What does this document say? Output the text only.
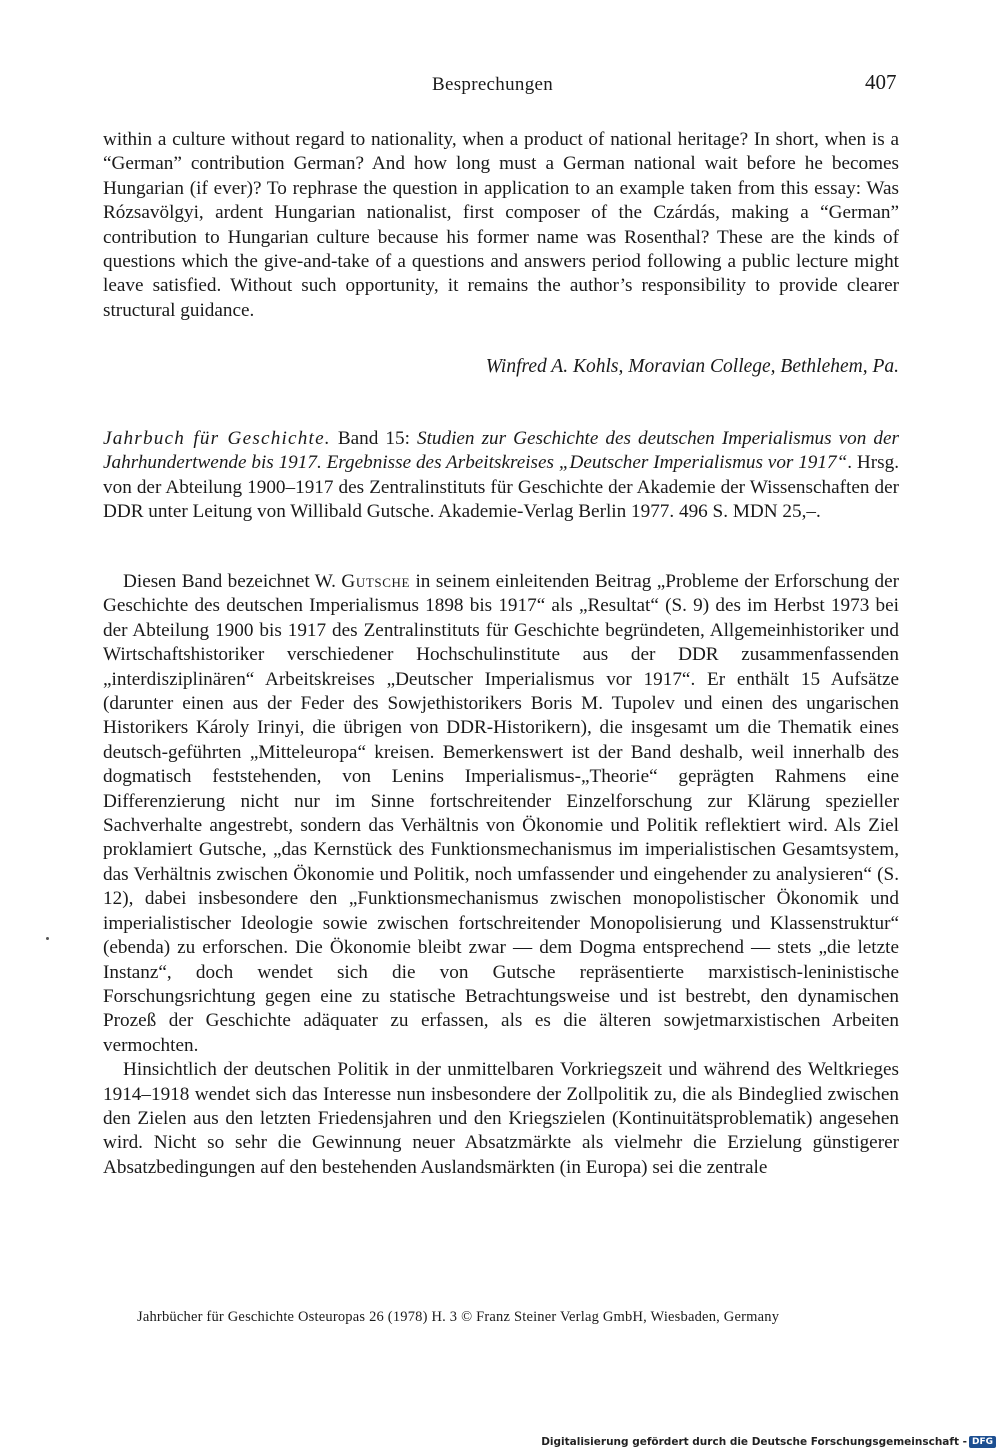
Besprechungen	407

within a culture without regard to nationality, when a product of national heritage? In short, when is a “German” contribution German? And how long must a German national wait before he becomes Hungarian (if ever)? To rephrase the question in application to an example taken from this essay: Was Rózsavölgyi, ardent Hungarian nationalist, first composer of the Czárdás, making a “German” contribution to Hungarian culture because his former name was Rosenthal? These are the kinds of questions which the give-and-take of a questions and answers period following a public lecture might leave satisfied. Without such opportunity, it remains the author’s responsibility to provide clearer structural guidance.

Winfred A. Kohls, Moravian College, Bethlehem, Pa.

Jahrbuch für Geschichte. Band 15: Studien zur Geschichte des deutschen Imperialismus von der Jahrhundertwende bis 1917. Ergebnisse des Arbeitskreises „Deutscher Imperialismus vor 1917“. Hrsg. von der Abteilung 1900–1917 des Zentralinstituts für Geschichte der Akademie der Wissenschaften der DDR unter Leitung von Willibald Gutsche. Akademie-Verlag Berlin 1977. 496 S. MDN 25,–.

Diesen Band bezeichnet W. Gutsche in seinem einleitenden Beitrag „Probleme der Erforschung der Geschichte des deutschen Imperialismus 1898 bis 1917“ als „Resultat“ (S. 9) des im Herbst 1973 bei der Abteilung 1900 bis 1917 des Zentralinstituts für Geschichte begründeten, Allgemeinhistoriker und Wirtschaftshistoriker verschiedener Hochschulinstitute aus der DDR zusammenfassenden „interdisziplinären“ Arbeitskreises „Deutscher Imperialismus vor 1917“. Er enthält 15 Aufsätze (darunter einen aus der Feder des Sowjethistorikers Boris M. Tupolev und einen des ungarischen Historikers Károly Irinyi, die übrigen von DDR-Historikern), die insgesamt um die Thematik eines deutsch-geführten „Mitteleuropa“ kreisen. Bemerkenswert ist der Band deshalb, weil innerhalb des dogmatisch feststehenden, von Lenins Imperialismus-„Theorie“ geprägten Rahmens eine Differenzierung nicht nur im Sinne fortschreitender Einzelforschung zur Klärung spezieller Sachverhalte angestrebt, sondern das Verhältnis von Ökonomie und Politik reflektiert wird. Als Ziel proklamiert Gutsche, „das Kernstück des Funktionsmechanismus im imperialistischen Gesamtsystem, das Verhältnis zwischen Ökonomie und Politik, noch umfassender und eingehender zu analysieren“ (S. 12), dabei insbesondere den „Funktionsmechanismus zwischen monopolistischer Ökonomik und imperialistischer Ideologie sowie zwischen fortschreitender Monopolisierung und Klassenstruktur“ (ebenda) zu erforschen. Die Ökonomie bleibt zwar — dem Dogma entsprechend — stets „die letzte Instanz“, doch wendet sich die von Gutsche repräsentierte marxistisch-leninistische Forschungsrichtung gegen eine zu statische Betrachtungsweise und ist bestrebt, den dynamischen Prozeß der Geschichte adäquater zu erfassen, als es die älteren sowjetmarxistischen Arbeiten vermochten.

Hinsichtlich der deutschen Politik in der unmittelbaren Vorkriegszeit und während des Weltkrieges 1914–1918 wendet sich das Interesse nun insbesondere der Zollpolitik zu, die als Bindeglied zwischen den Zielen aus den letzten Friedensjahren und den Kriegszielen (Kontinuitätsproblematik) angesehen wird. Nicht so sehr die Gewinnung neuer Absatzmärkte als vielmehr die Erzielung günstigerer Absatzbedingungen auf den bestehenden Auslandsmärkten (in Europa) sei die zentrale

Jahrbücher für Geschichte Osteuropas 26 (1978) H. 3 © Franz Steiner Verlag GmbH, Wiesbaden, Germany
Digitalisierung gefördert durch die Deutsche Forschungsgemeinschaft - DFG
